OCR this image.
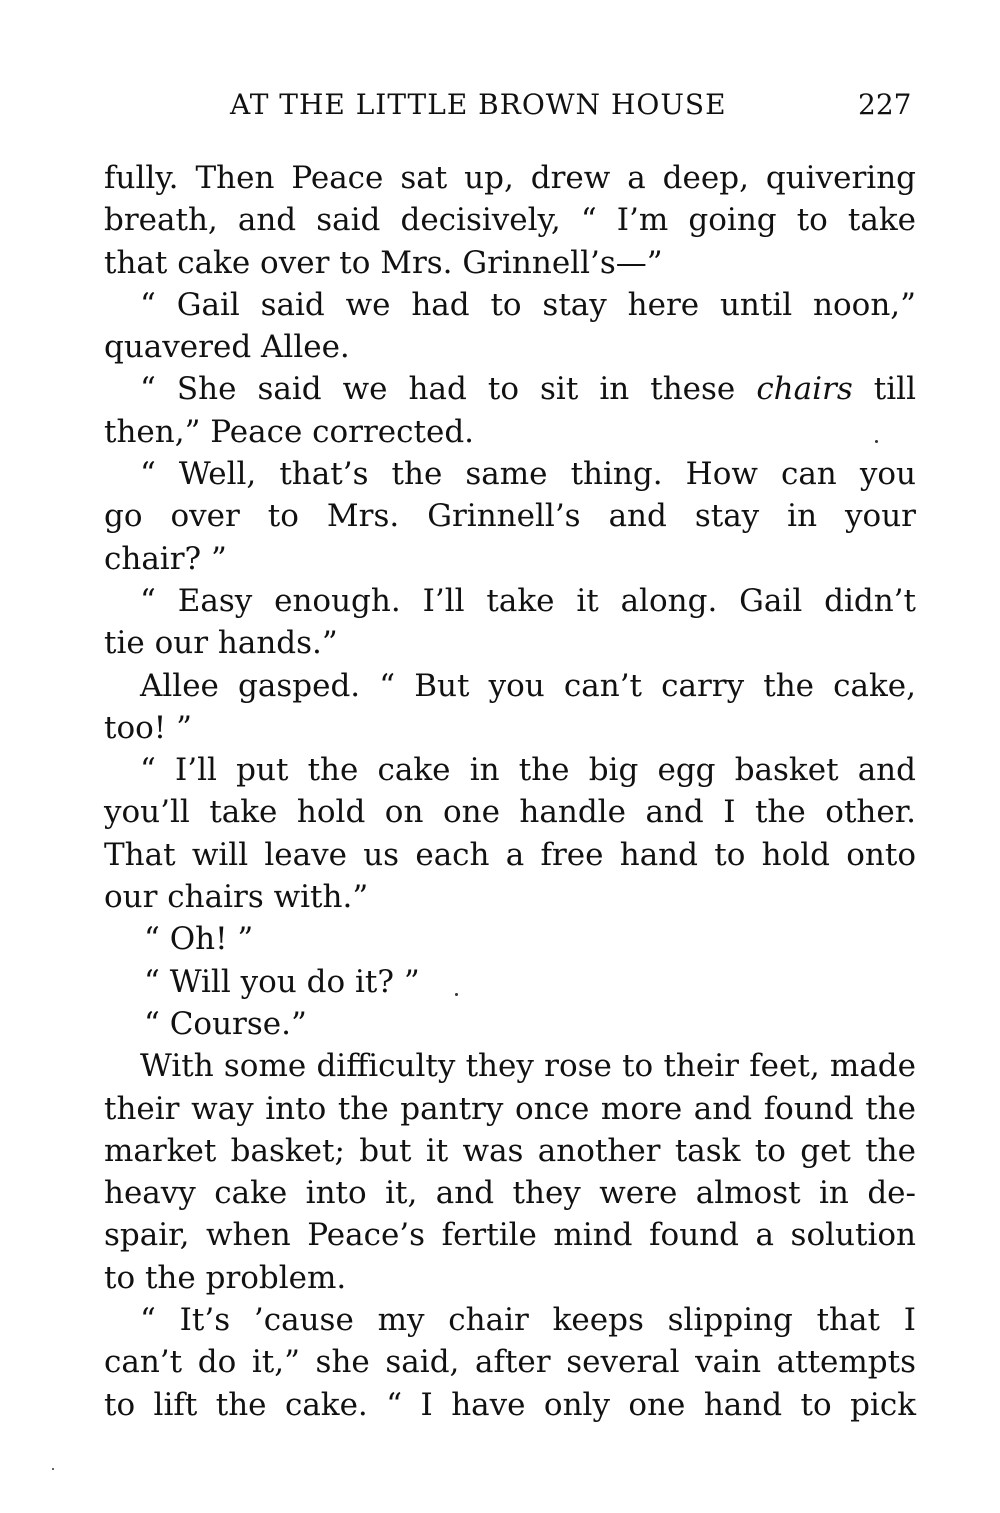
AT THE LITTLE BROWN HOUSE	227
fully. Then Peace sat up, drew a deep, quivering
breath, and said decisively, “ I’m going to take
that cake over to Mrs. Grinnell’s—”
“ Gail said we had to stay here until noon,”
quavered Allee.
“ She said we had to sit in these chairs till
then,” Peace corrected.
“ Well, that’s the same thing. How can you
go over to Mrs. Grinnell’s and stay in your
chair? ”
“ Easy enough. I’ll take it along. Gail didn’t
tie our hands.”
Allee gasped. “ But you can’t carry the cake,
too! ”
“ I’ll put the cake in the big egg basket and
you’ll take hold on one handle and I the other.
That will leave us each a free hand to hold onto
our chairs with.”
“ Oh! ”
“ Will you do it? ”
“ Course.”
With some difficulty they rose to their feet, made
their way into the pantry once more and found the
market basket; but it was another task to get the
heavy cake into it, and they were almost in de-
spair, when Peace’s fertile mind found a solution
to the problem.
“ It’s ’cause my chair keeps slipping that I
can’t do it,” she said, after several vain attempts
to lift the cake. “ I have only one hand to pick
